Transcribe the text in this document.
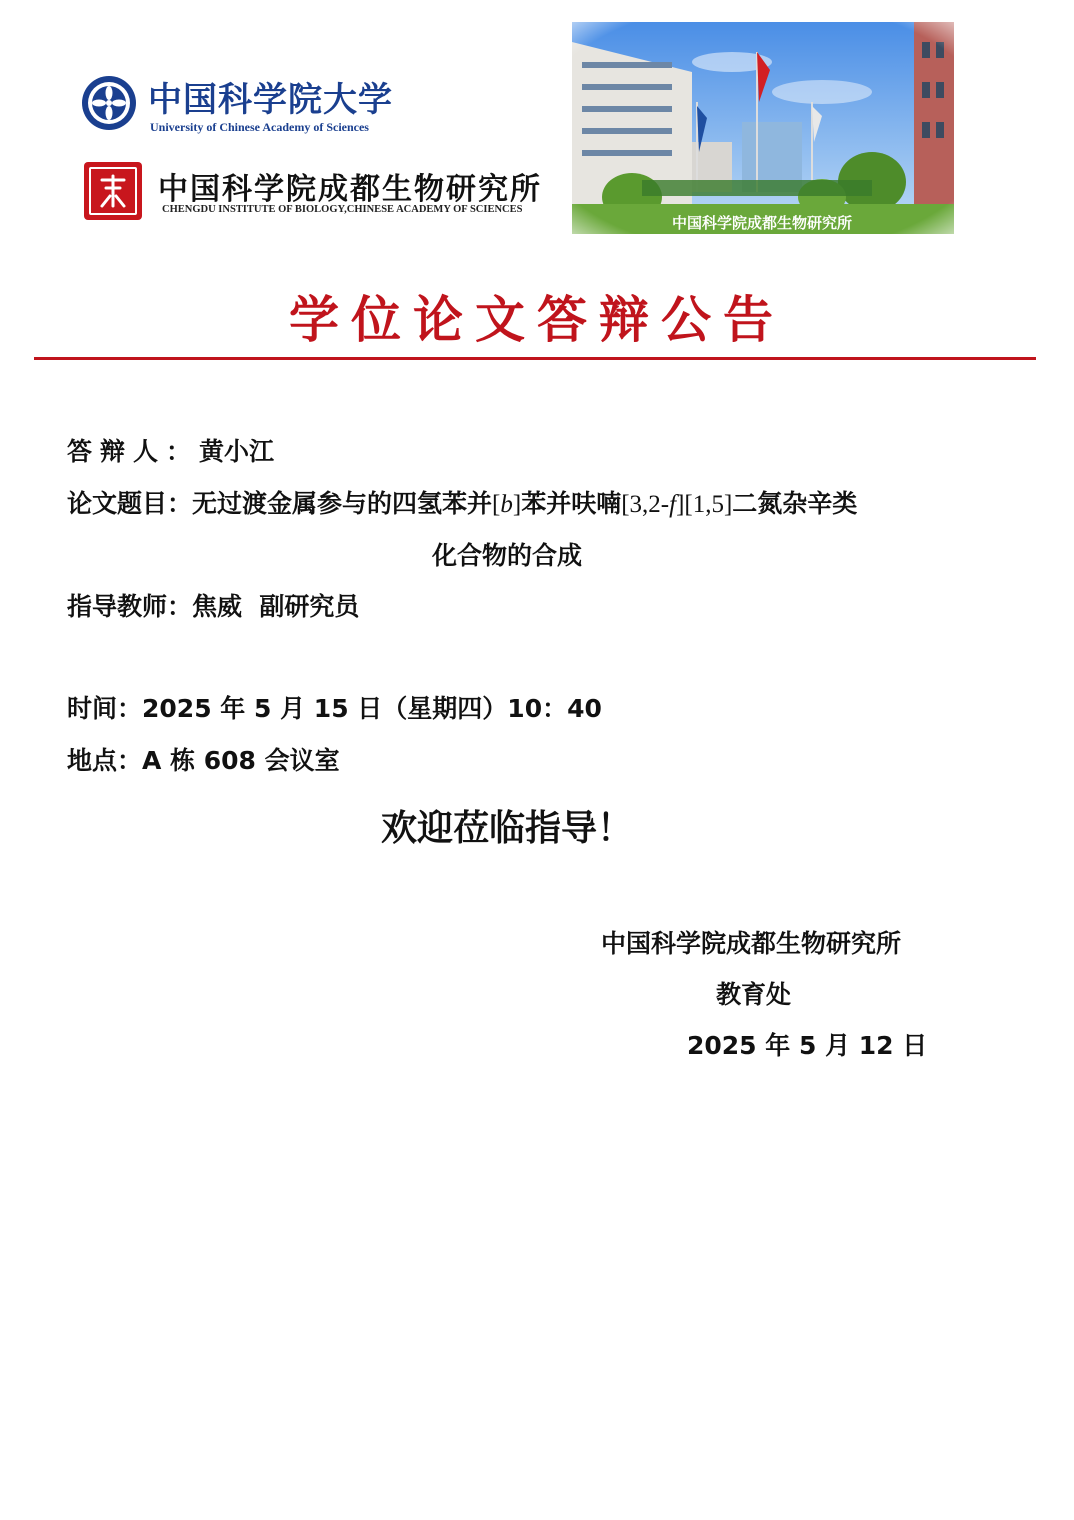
中国科学院大学
University of Chinese Academy of Sciences
中国科学院成都生物研究所
CHENGDU INSTITUTE OF BIOLOGY,CHINESE ACADEMY OF SCIENCES
学位论文答辩公告
答辩人：黄小江
论文题目：无过渡金属参与的四氢苯并[b]苯并呋喃[3,2-f][1,5]二氮杂辛类
化合物的合成
指导教师：焦威  副研究员
时间：2025 年 5 月 15 日（星期四）10：40
地点：A 栋 608 会议室
欢迎莅临指导！
中国科学院成都生物研究所
教育处
2025 年 5 月 12 日
